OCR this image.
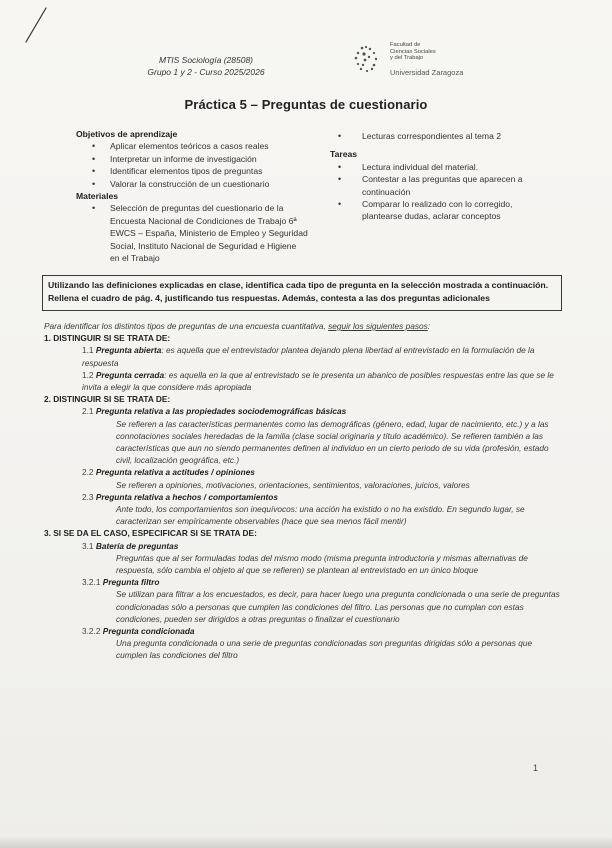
MTIS Sociología (28508)
Grupo 1 y 2 - Curso 2025/2026
Facultad de
Ciencias Sociales
y del Trabajo
Universidad Zaragoza
Práctica 5 – Preguntas de cuestionario
Objetivos de aprendizaje
• Aplicar elementos teóricos a casos reales
• Interpretar un informe de investigación
• Identificar elementos tipos de preguntas
• Valorar la construcción de un cuestionario
Materiales
• Selección de preguntas del cuestionario de la Encuesta Nacional de Condiciones de Trabajo 6ª EWCS – España, Ministerio de Empleo y Seguridad Social, Instituto Nacional de Seguridad e Higiene en el Trabajo
• Lecturas correspondientes al tema 2
Tareas
• Lectura individual del material.
• Contestar a las preguntas que aparecen a continuación
• Comparar lo realizado con lo corregido, plantearse dudas, aclarar conceptos
Utilizando las definiciones explicadas en clase, identifica cada tipo de pregunta en la selección mostrada a continuación. Rellena el cuadro de pág. 4, justificando tus respuestas. Además, contesta a las dos preguntas adicionales
Para identificar los distintos tipos de preguntas de una encuesta cuantitativa, seguir los siguientes pasos:
1. DISTINGUIR SI SE TRATA DE:
1.1 Pregunta abierta: es aquella que el entrevistador plantea dejando plena libertad al entrevistado en la formulación de la respuesta
1.2 Pregunta cerrada: es aquella en la que al entrevistado se le presenta un abanico de posibles respuestas entre las que se le invita a elegir la que considere más apropiada
2. DISTINGUIR SI SE TRATA DE:
2.1 Pregunta relativa a las propiedades sociodemográficas básicas
Se refieren a las características permanentes como las demográficas (género, edad, lugar de nacimiento, etc.) y a las connotaciones sociales heredadas de la familia (clase social originaria y título académico). Se refieren también a las características que aun no siendo permanentes definen al individuo en un cierto periodo de su vida (profesión, estado civil, localización geográfica, etc.)
2.2 Pregunta relativa a actitudes / opiniones
Se refieren a opiniones, motivaciones, orientaciones, sentimientos, valoraciones, juicios, valores
2.3 Pregunta relativa a hechos / comportamientos
Ante todo, los comportamientos son inequívocos: una acción ha existido o no ha existido. En segundo lugar, se caracterizan ser empíricamente observables (hace que sea menos fácil mentir)
3. SI SE DA EL CASO, ESPECIFICAR SI SE TRATA DE:
3.1 Batería de preguntas
Preguntas que al ser formuladas todas del mismo modo (misma pregunta introductoria y mismas alternativas de respuesta, sólo cambia el objeto al que se refieren) se plantean al entrevistado en un único bloque
3.2.1 Pregunta filtro
Se utilizan para filtrar a los encuestados, es decir, para hacer luego una pregunta condicionada o una serie de preguntas condicionadas sólo a personas que cumplen las condiciones del filtro. Las personas que no cumplan con estas condiciones, pueden ser dirigidos a otras preguntas o finalizar el cuestionario
3.2.2 Pregunta condicionada
Una pregunta condicionada o una serie de preguntas condicionadas son preguntas dirigidas sólo a personas que cumplen las condiciones del filtro
1
